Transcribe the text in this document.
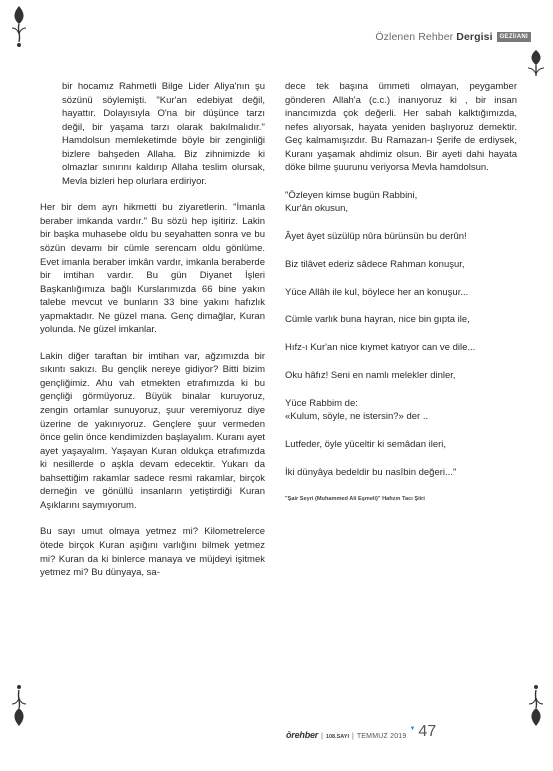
Özlenen Rehber Dergisi	GEZİ/ANI

bir hocamız Rahmetli Bilge Lider Aliya'nın şu sözünü söylemişti. "Kur'an edebiyat değil, hayattır. Dolayısıyla O'na bir düşünce tarzı değil, bir yaşama tarzı olarak bakılmalıdır.'' Hamdolsun memleketimde böyle bir zenginliği bizlere bahşeden Allaha. Biz zihnimizde ki olmazlar sınırını kaldırıp Allaha teslim olursak, Mevla bizleri hep olurlara erdiriyor.

Her bir dem ayrı hikmetti bu ziyaretlerin. "İmanla beraber imkanda vardır." Bu sözü hep işitiriz. Lakin bir başka muhasebe oldu bu seyahatten sonra ve bu sözün devamı bir cümle serencam oldu gönlüme. Evet imanla beraber imkân vardır, imkanla beraberde bir imtihan vardır. Bu gün Diyanet İşleri Başkanlığımıza bağlı Kurslarımızda 66 bine yakın talebe mevcut ve bunların 33 bine yakını hafızlık yapmaktadır. Ne güzel mana. Genç dimağlar, Kuran yolunda. Ne güzel imkanlar.

Lakin diğer taraftan bir imtihan var, ağzımızda bir sıkıntı sakızı. Bu gençlik nereye gidiyor? Bitti bizim gençliğimiz. Ahu vah etmekten etrafımızda ki bu gençliği görmüyoruz. Büyük binalar kuruyoruz, zengin ortamlar sunuyoruz, şuur veremiyoruz diye üzerine de yakınıyoruz. Gençlere şuur vermeden önce gelin önce kendimizden başlayalım. Kuranı ayet ayet yaşayalım. Yaşayan Kuran oldukça etrafımızda ki nesillerde o aşkla devam edecektir. Yukarı da bahsettiğim rakamlar sadece resmi rakamlar, birçok derneğin ve gönüllü insanların yetiştirdiği Kuran Aşıklarını saymıyorum.

Bu sayı umut olmaya yetmez mi? Kilometrelerce ötede birçok Kuran aşığını varlığını bilmek yetmez mi? Kuran da ki binlerce manaya ve müjdeyi işitmek yetmez mi? Bu dünyaya, sa-

dece tek başına ümmeti olmayan, peygamber gönderen Allah'a (c.c.) inanıyoruz ki , bir insan inancımızda çok değerli. Her sabah kalktığımızda, nefes alıyorsak, hayata yeniden başlıyoruz demektir. Geç kalmamışızdır. Bu Ramazan-ı Şerife de erdiysek, Kuranı yaşamak ahdimiz olsun. Bir ayeti dahi hayata döke bilme şuurunu veriyorsa Mevla hamdolsun.

"Özleyen kimse bugün Rabbini,
Kur'ân okusun,

Âyet âyet süzülüp nûra bürünsün bu derûn!

Biz tilâvet ederiz sâdece Rahman konuşur,

Yüce Allâh ile kul, böylece her an konuşur...

Cümle varlık buna hayran, nice bin gıpta ile,

Hıfz-ı Kur'an nice kıymet katıyor can ve dile...

Oku hâfız! Seni en namlı melekler dinler,

Yüce Rabbim de:
«Kulum, söyle, ne istersin?» der ..

Lutfeder, öyle yüceltir ki semâdan ileri,

İki dünyâya bedeldir bu nasîbin değeri..."

"Şair Seyri (Muhammed Ali Eşmeli)" Hafızın Tacı Şiiri
ōrehber | 108.SAYI | TEMMUZ 2019
▼ 47
